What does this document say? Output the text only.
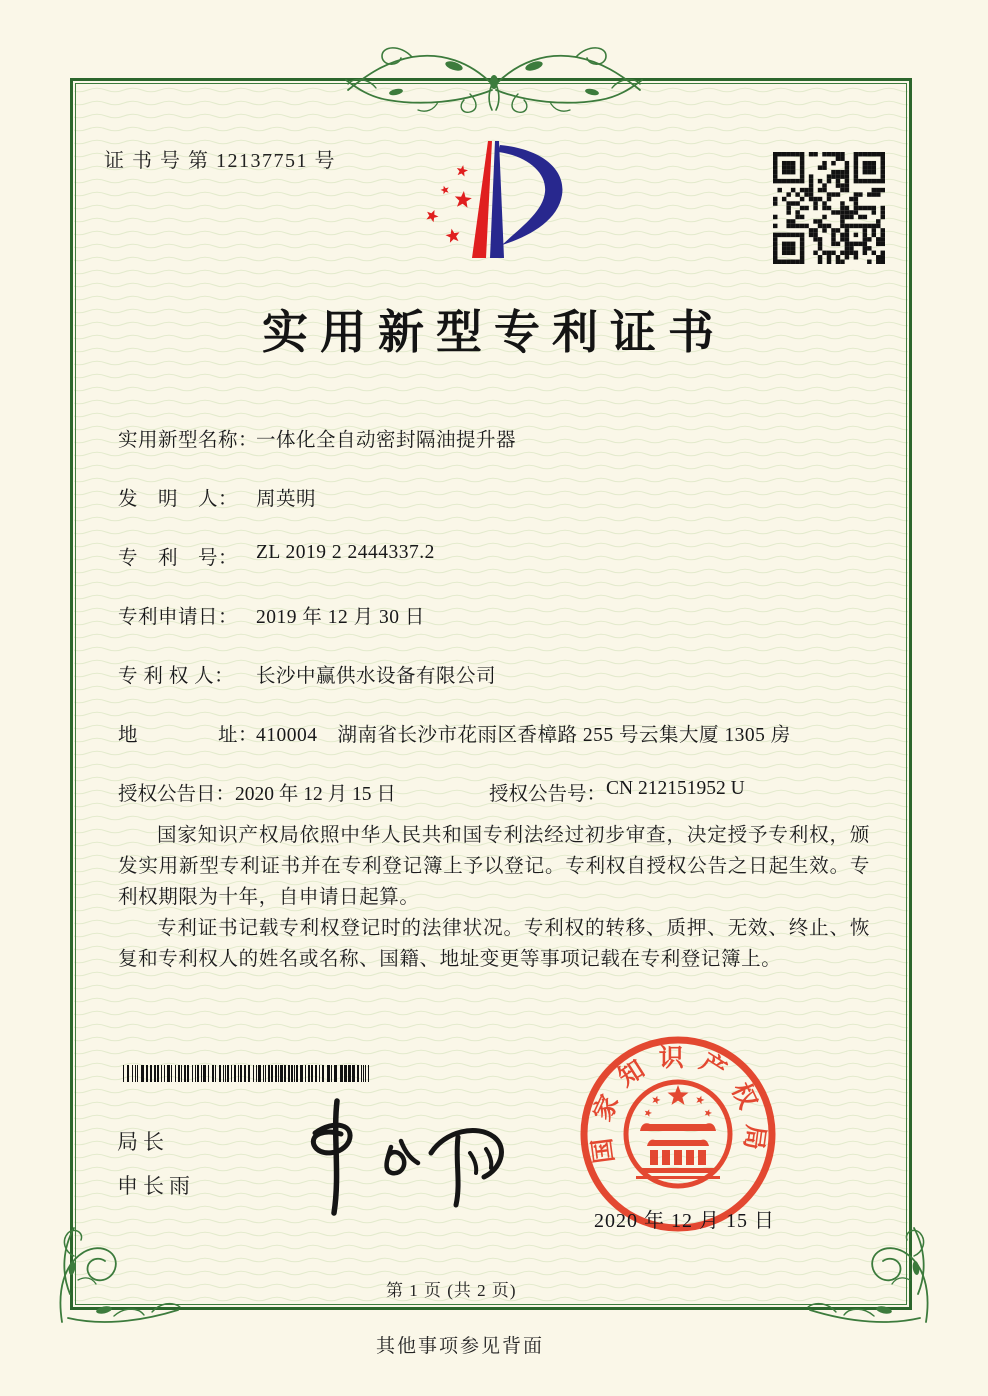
证 书 号 第 12137751 号
实用新型专利证书
实用新型名称：
一体化全自动密封隔油提升器
发　明　人： 周英明
专　利　号： ZL 2019 2 2444337.2
专利申请日： 2019 年 12 月 30 日
专 利 权 人：	长沙中赢供水设备有限公司
地　　　　址：
410004　湖南省长沙市花雨区香樟路 255 号云集大厦 1305 房
授权公告日： 2020 年 12 月 15 日	授权公告号： CN 212151952 U

国家知识产权局依照中华人民共和国专利法经过初步审查，决定授予专利权，颁发实用新型专利证书并在专利登记簿上予以登记。专利权自授权公告之日起生效。专利权期限为十年，自申请日起算。

专利证书记载专利权登记时的法律状况。专利权的转移、质押、无效、终止、恢复和专利权人的姓名或名称、国籍、地址变更等事项记载在专利登记簿上。

局长
申长雨
国家知识产权局
2020 年 12 月 15 日
第 1 页 (共 2 页)
其他事项参见背面
